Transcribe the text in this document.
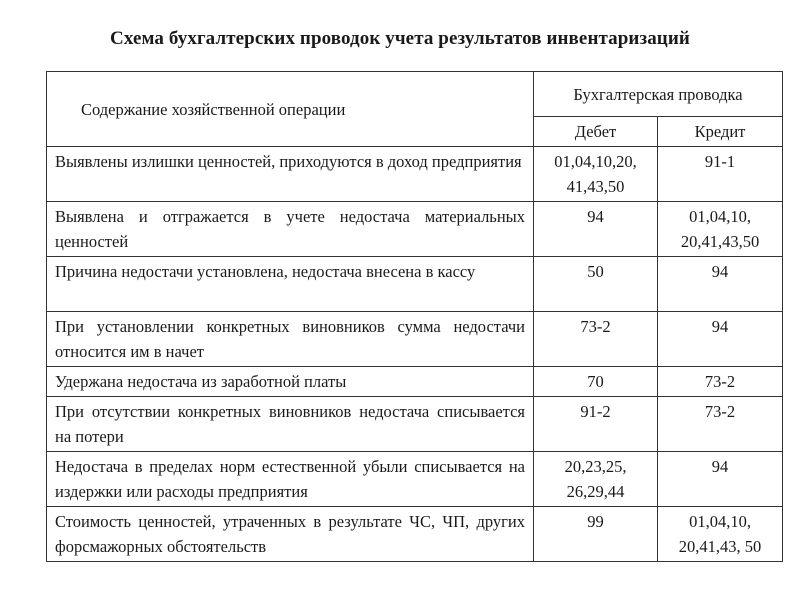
Схема бухгалтерских проводок учета результатов инвентаризаций
Содержание хозяйственной операции	Бухгалтерская проводка	
	Дебет	Кредит
Выявлены излишки ценностей, приходуются в доход предприятия	01,04,10,20, 41,43,50	91-1
Выявлена и отгражается в учете недостача материальных ценностей	94	01,04,10, 20,41,43,50
Причина недостачи установлена, недостача внесена в кассу	50	94
При установлении конкретных виновников сумма недостачи относится им в начет	73-2	94
Удержана недостача из заработной платы	70	73-2
При отсутствии конкретных виновников недостача списывается на потери	91-2	73-2
Недостача в пределах норм естественной убыли списывается на издержки или расходы предприятия	20,23,25, 26,29,44	94
Стоимость ценностей, утраченных в результате ЧС, ЧП, других форсмажорных обстоятельств	99	01,04,10, 20,41,43, 50
